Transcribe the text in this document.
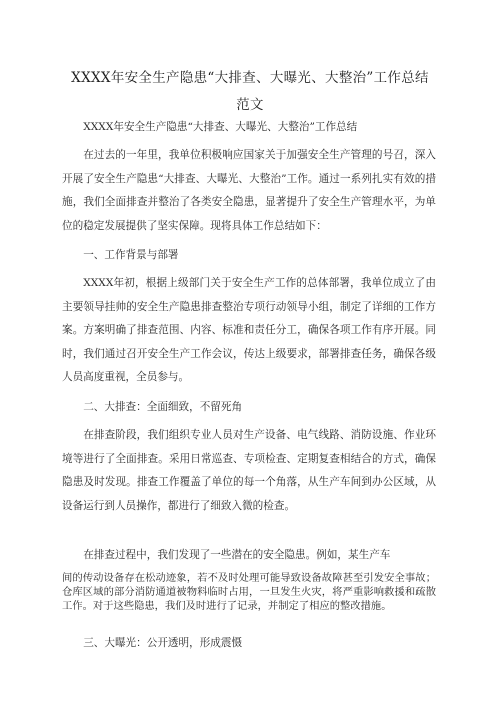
XXXX年安全生产隐患“大排查、大曝光、大整治”工作总结
范文

XXXX年安全生产隐患“大排查、大曝光、大整治”工作总结

在过去的一年里，我单位积极响应国家关于加强安全生产管理的号召，深入开展了安全生产隐患“大排查、大曝光、大整治”工作。通过一系列扎实有效的措施，我们全面排查并整治了各类安全隐患，显著提升了安全生产管理水平，为单位的稳定发展提供了坚实保障。现将具体工作总结如下：

一、工作背景与部署

XXXX年初，根据上级部门关于安全生产工作的总体部署，我单位成立了由主要领导挂帅的安全生产隐患排查整治专项行动领导小组，制定了详细的工作方案。方案明确了排查范围、内容、标准和责任分工，确保各项工作有序开展。同时，我们通过召开安全生产工作会议，传达上级要求，部署排查任务，确保各级人员高度重视，全员参与。

二、大排查：全面细致，不留死角

在排查阶段，我们组织专业人员对生产设备、电气线路、消防设施、作业环境等进行了全面排查。采用日常巡查、专项检查、定期复查相结合的方式，确保隐患及时发现。排查工作覆盖了单位的每一个角落，从生产车间到办公区域，从设备运行到人员操作，都进行了细致入微的检查。

在排查过程中，我们发现了一些潜在的安全隐患。例如，某生产车

间的传动设备存在松动迹象，若不及时处理可能导致设备故障甚至引发安全事故；仓库区域的部分消防通道被物料临时占用，一旦发生火灾，将严重影响救援和疏散工作。对于这些隐患，我们及时进行了记录，并制定了相应的整改措施。

三、大曝光：公开透明，形成震慑
